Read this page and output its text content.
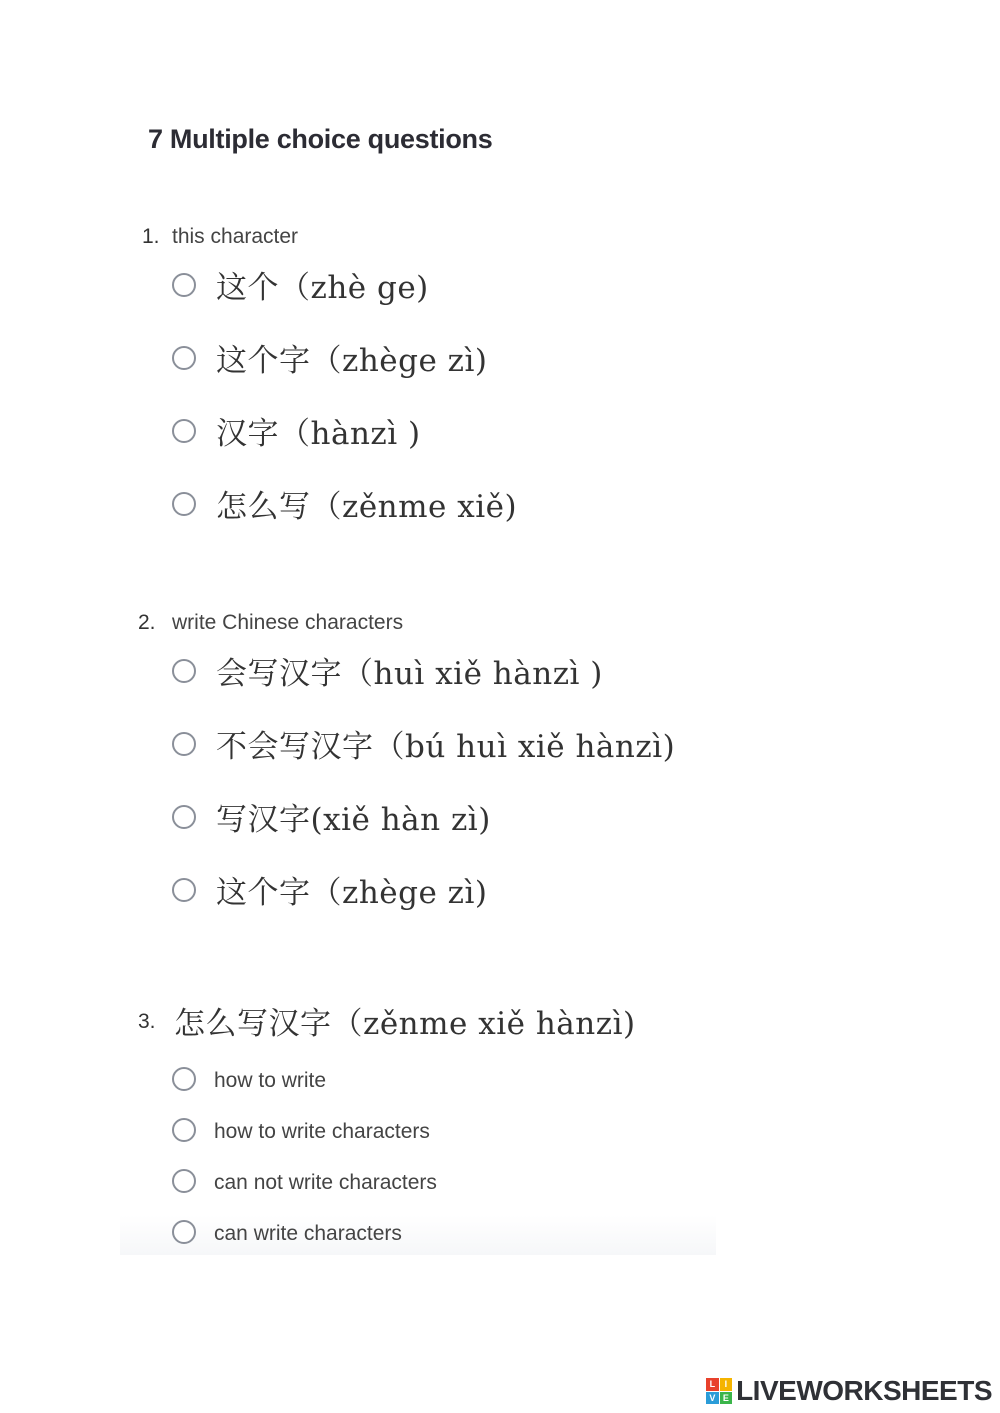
7 Multiple choice questions
1. this character
这个（zhè ge)
这个字（zhège zì)
汉字（hànzì )
怎么写（zěnme xiě)
2. write Chinese characters
会写汉字（huì xiě hànzì )
不会写汉字（bú huì xiě hànzì)
写汉字(xiě hàn zì)
这个字（zhège zì)
3. 怎么写汉字（zěnme xiě hànzì)
how to write
how to write characters
can not write characters
can write characters
L	I
V E LIVEWORKSHEETS
